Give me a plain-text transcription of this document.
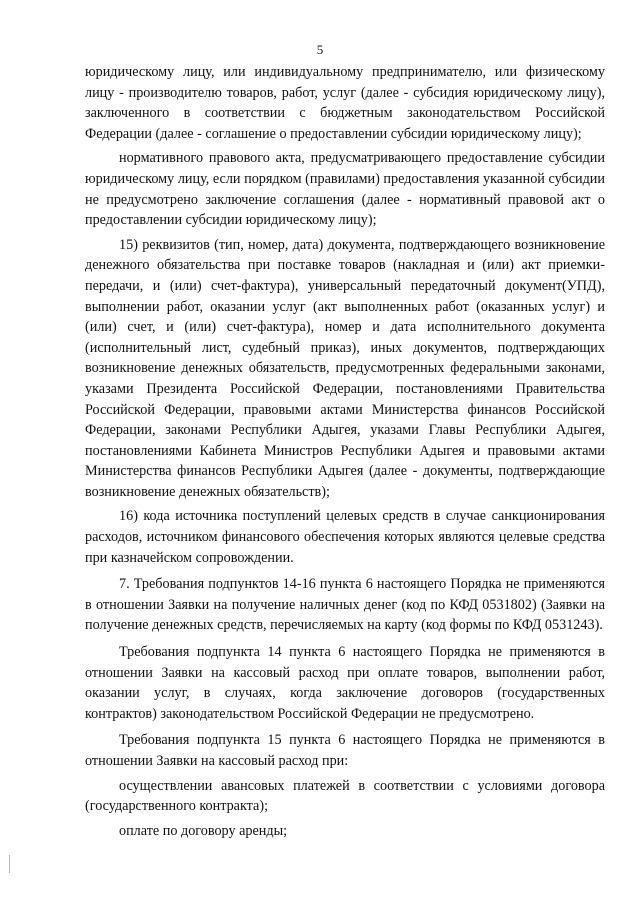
5

юридическому лицу, или индивидуальному предпринимателю, или физическому лицу - производителю товаров, работ, услуг (далее - субсидия юридическому лицу), заключенного в соответствии с бюджетным законодательством Российской Федерации (далее - соглашение о предоставлении субсидии юридическому лицу);

нормативного правового акта, предусматривающего предоставление субсидии юридическому лицу, если порядком (правилами) предоставления указанной субсидии не предусмотрено заключение соглашения (далее - нормативный правовой акт о предоставлении субсидии юридическому лицу);

15) реквизитов (тип, номер, дата) документа, подтверждающего возникновение денежного обязательства при поставке товаров (накладная и (или) акт приемки-передачи, и (или) счет-фактура), универсальный передаточный документ(УПД), выполнении работ, оказании услуг (акт выполненных работ (оказанных услуг) и (или) счет, и (или) счет-фактура), номер и дата исполнительного документа (исполнительный лист, судебный приказ), иных документов, подтверждающих возникновение денежных обязательств, предусмотренных федеральными законами, указами Президента Российской Федерации, постановлениями Правительства Российской Федерации, правовыми актами Министерства финансов Российской Федерации, законами Республики Адыгея, указами Главы Республики Адыгея, постановлениями Кабинета Министров Республики Адыгея и правовыми актами Министерства финансов Республики Адыгея (далее - документы, подтверждающие возникновение денежных обязательств);

16) кода источника поступлений целевых средств в случае санкционирования расходов, источником финансового обеспечения которых являются целевые средства при казначейском сопровождении.

7. Требования подпунктов 14-16 пункта 6 настоящего Порядка не применяются в отношении Заявки на получение наличных денег (код по КФД 0531802) (Заявки на получение денежных средств, перечисляемых на карту (код формы по КФД 0531243).

Требования подпункта 14 пункта 6 настоящего Порядка не применяются в отношении Заявки на кассовый расход при оплате товаров, выполнении работ, оказании услуг, в случаях, когда заключение договоров (государственных контрактов) законодательством Российской Федерации не предусмотрено.

Требования подпункта 15 пункта 6 настоящего Порядка не применяются в отношении Заявки на кассовый расход при:

осуществлении авансовых платежей в соответствии с условиями договора (государственного контракта);

оплате по договору аренды;
